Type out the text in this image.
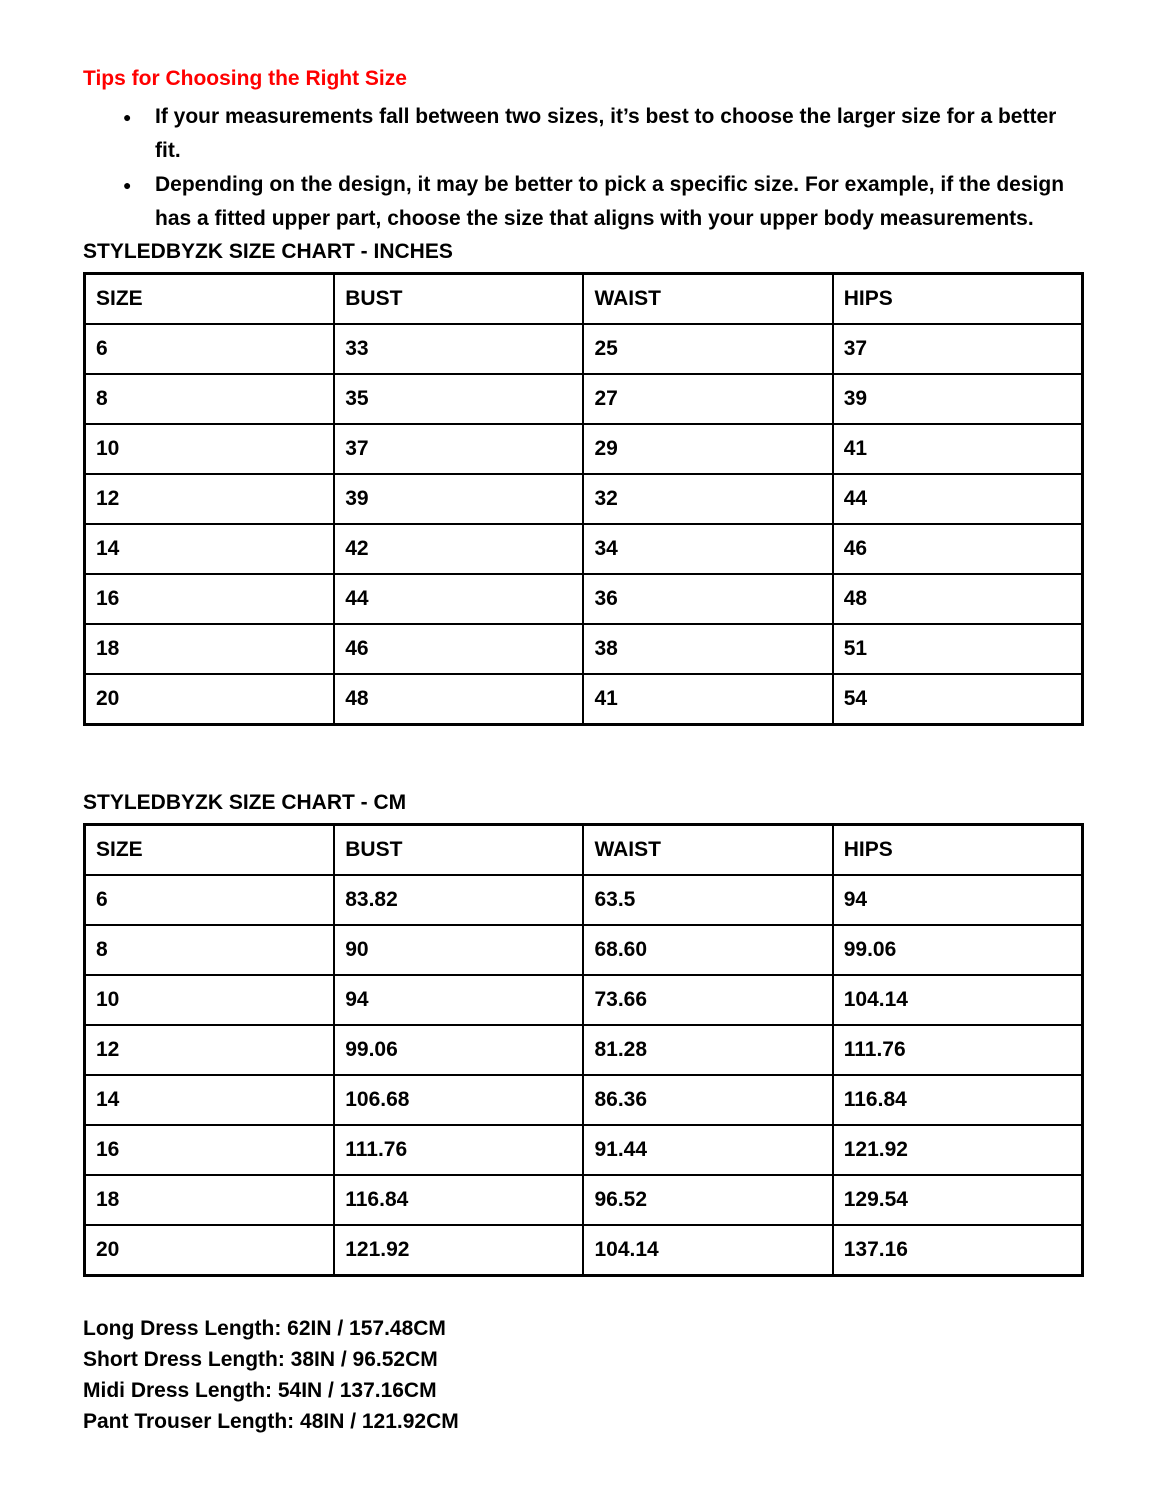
Tips for Choosing the Right Size
● If your measurements fall between two sizes, it’s best to choose the larger size for a better fit.
● Depending on the design, it may be better to pick a specific size. For example, if the design has a fitted upper part, choose the size that aligns with your upper body measurements.
STYLEDBYZK SIZE CHART - INCHES
SIZE	BUST	WAIST	HIPS
6	33	25	37
8	35	27	39
10	37	29	41
12	39	32	44
14	42	34	46
16	44	36	48
18	46	38	51
20	48	41	54
STYLEDBYZK SIZE CHART - CM
SIZE	BUST	WAIST	HIPS
6	83.82	63.5	94
8	90	68.60	99.06
10	94	73.66	104.14
12	99.06	81.28	111.76
14	106.68	86.36	116.84
16	111.76	91.44	121.92
18	116.84	96.52	129.54
20	121.92	104.14	137.16

Long Dress Length: 62IN / 157.48CM

Short Dress Length: 38IN / 96.52CM

Midi Dress Length: 54IN / 137.16CM

Pant Trouser Length: 48IN / 121.92CM
